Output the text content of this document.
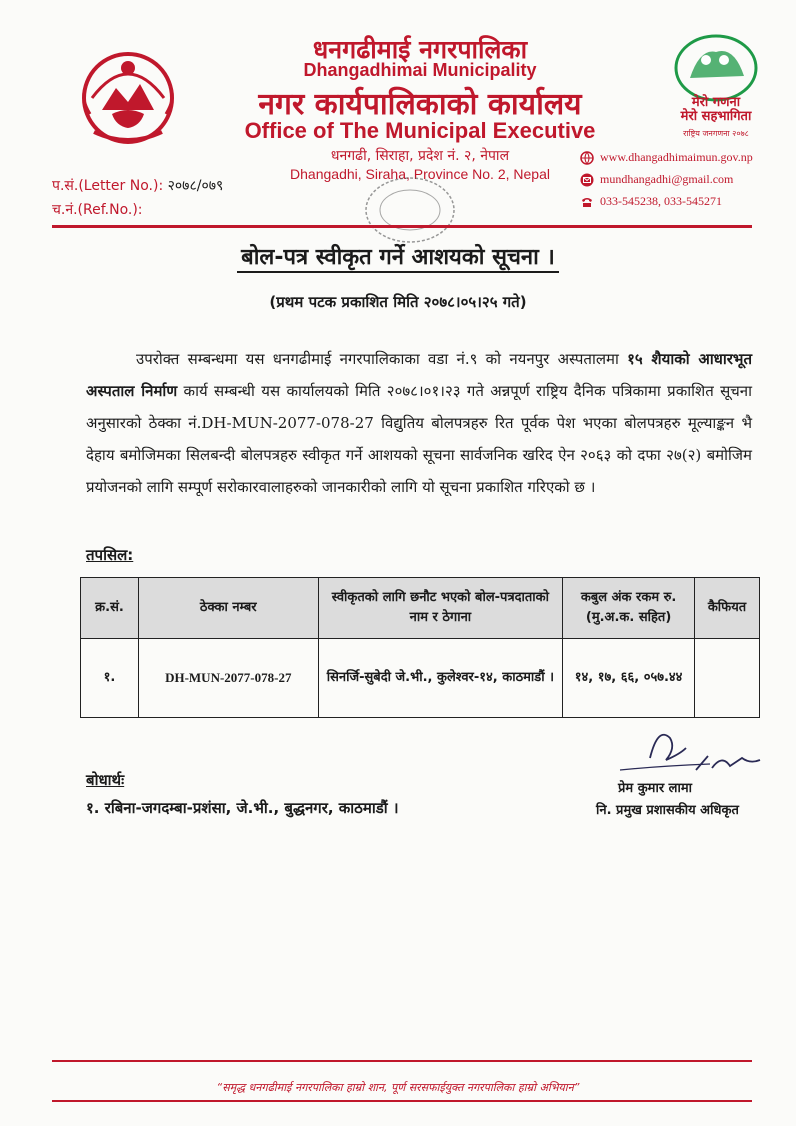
धनगढीमाई नगरपालिका
Dhangadhimai Municipality
नगर कार्यपालिकाको कार्यालय
Office of The Municipal Executive
धनगढी, सिराहा, प्रदेश नं. २, नेपाल
Dhangadhi, Siraha, Province No. 2, Nepal
मेरो गणना
मेरो सहभागिता
राष्ट्रिय जनगणना २०७८
www.dhangadhimaimun.gov.np
mundhangadhi@gmail.com
033-545238, 033-545271
प.सं.(Letter No.): २०७८/०७९
च.नं.(Ref.No.):
बोल-पत्र स्वीकृत गर्ने आशयको सूचना ।
(प्रथम पटक प्रकाशित मिति २०७८।०५।२५ गते)
उपरोक्त सम्बन्धमा यस धनगढीमाई नगरपालिकाका वडा नं.९ को नयनपुर अस्पतालमा १५ शैयाको आधारभूत अस्पताल निर्माण कार्य सम्बन्धी यस कार्यालयको मिति २०७८।०१।२३ गते अन्नपूर्ण राष्ट्रिय दैनिक पत्रिकामा प्रकाशित सूचना अनुसारको ठेक्का नं.DH-MUN-2077-078-27 विद्युतिय बोलपत्रहरु रित पूर्वक पेश भएका बोलपत्रहरु मूल्याङ्कन भै देहाय बमोजिमका सिलबन्दी बोलपत्रहरु स्वीकृत गर्ने आशयको सूचना सार्वजनिक खरिद ऐन २०६३ को दफा २७(२) बमोजिम प्रयोजनको लागि सम्पूर्ण सरोकारवालाहरुको जानकारीको लागि यो सूचना प्रकाशित गरिएको छ ।
तपसिल:
क्र.सं.	ठेक्का नम्बर	स्वीकृतको लागि छनौट भएको बोल-पत्रदाताको नाम र ठेगाना	कबुल अंक रकम रु. (मु.अ.क. सहित)	कैफियत
१.	DH-MUN-2077-078-27	सिनर्जि-सुबेदी जे.भी., कुलेश्वर-१४, काठमाडौं ।	१४, १७, ६६, ०५७.४४	
प्रेम कुमार लामा
नि. प्रमुख प्रशासकीय अधिकृत
बोधार्थः
१. रबिना-जगदम्बा-प्रशंसा, जे.भी., बुद्धनगर, काठमाडौं ।
“समृद्ध धनगढीमाई नगरपालिका हाम्रो शान, पूर्ण सरसफाईयुक्त नगरपालिका हाम्रो अभियान”
